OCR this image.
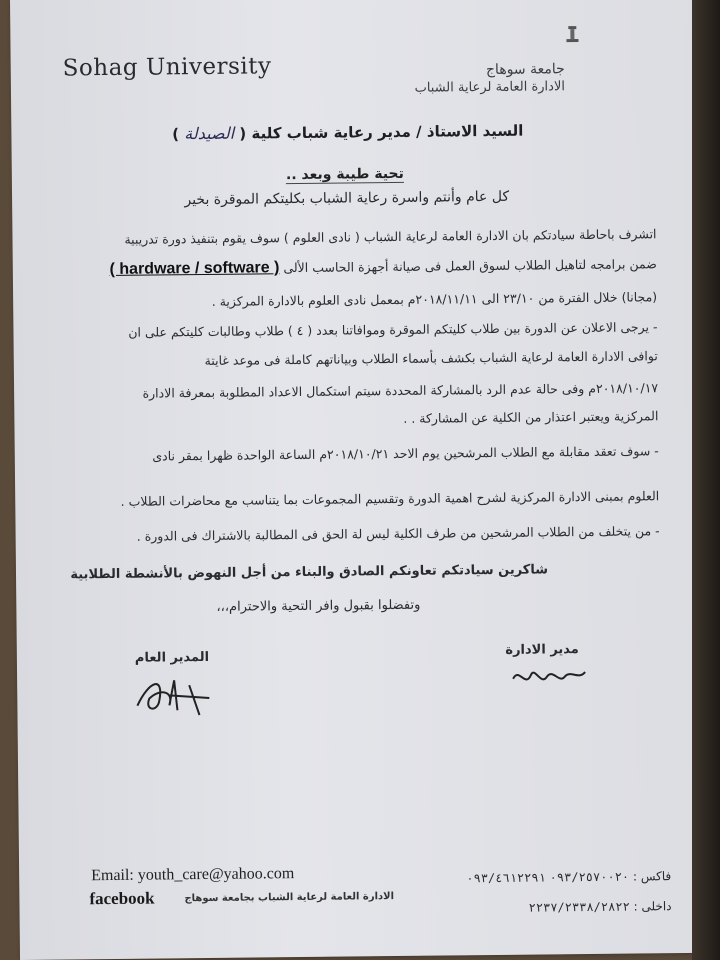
Sohag University	جامعة سوهاج
الادارة العامة لرعاية الشباب
السيد الاستاذ / مدير رعاية شباب كلية ( الصيدلة )
تحية طيبة وبعد ..
كل عام وأنتم واسرة رعاية الشباب بكليتكم الموقرة بخير
اتشرف باحاطة سيادتكم بان الادارة العامة لرعاية الشباب ( نادى العلوم ) سوف يقوم بتنفيذ دورة تدريبية
ضمن برامجه لتاهيل الطلاب لسوق العمل فى صيانة أجهزة الحاسب الألى ( hardware / software )
(مجانا) خلال الفترة من ٢٣/١٠ الى ٢٠١٨/١١/١١م بمعمل نادى العلوم بالادارة المركزية .
- يرجى الاعلان عن الدورة بين طلاب كليتكم الموقرة وموافاتنا بعدد ( ٤ ) طلاب وطالبات كليتكم على ان
توافى الادارة العامة لرعاية الشباب بكشف بأسماء الطلاب وبياناتهم كاملة فى موعد غايتة
٢٠١٨/١٠/١٧م وفى حالة عدم الرد بالمشاركة المحددة سيتم استكمال الاعداد المطلوبة بمعرفة الادارة
المركزية ويعتبر اعتذار من الكلية عن المشاركة . .
- سوف تعقد مقابلة مع الطلاب المرشحين يوم الاحد ٢٠١٨/١٠/٢١م الساعة الواحدة ظهرا بمقر نادى
العلوم بمبنى الادارة المركزية لشرح اهمية الدورة وتقسيم المجموعات بما يتناسب مع محاضرات الطلاب .
- من يتخلف من الطلاب المرشحين من طرف الكلية ليس لة الحق فى المطالبة بالاشتراك فى الدورة .
شاكرين سيادتكم تعاونكم الصادق والبناء من أجل النهوض بالأنشطة الطلابية
وتفضلوا بقبول وافر التحية والاحترام،،،
المدير العام	مدير الادارة
Email: youth_care@yahoo.com
facebook	الادارة العامة لرعاية الشباب بجامعة سوهاج
فاكس : ٠٩٣/٤٦١٢٢٩١ ٠٩٣/٢٥٧٠٠٢٠
داخلى : ٢٢٣٧/٢٣٣٨/٢٨٢٢
